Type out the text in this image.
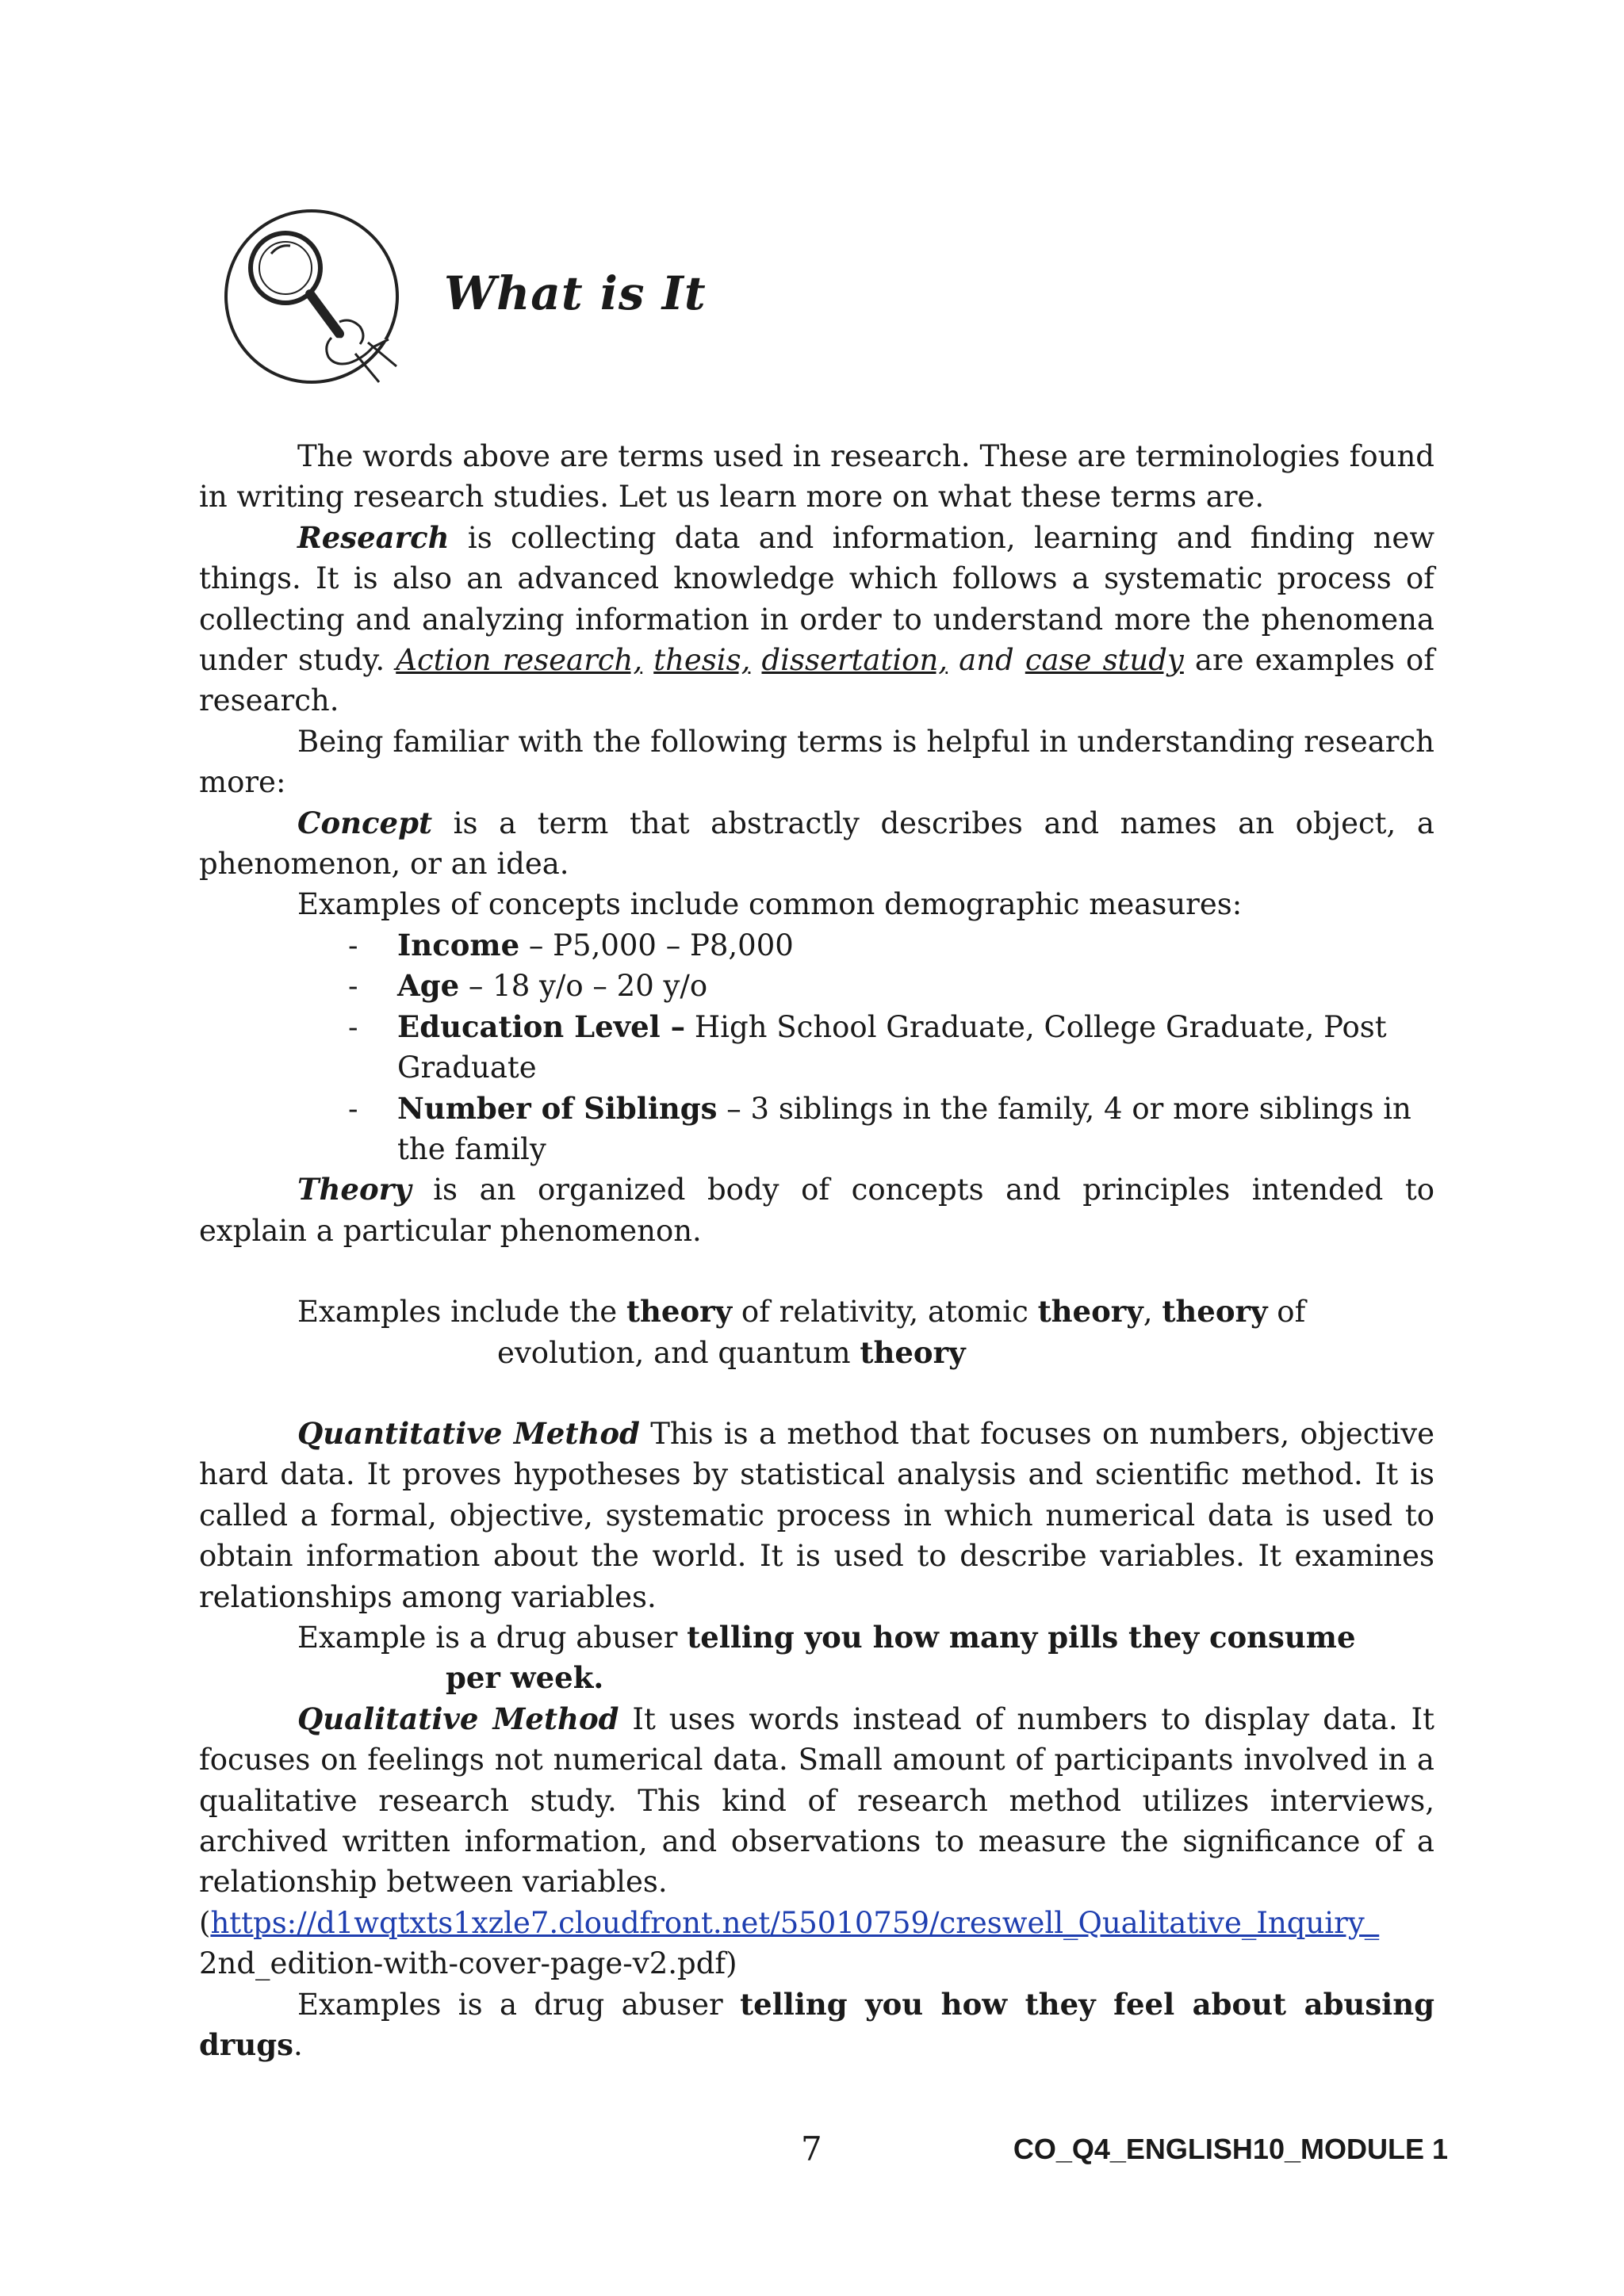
What is It

The words above are terms used in research. These are terminologies found in writing research studies. Let us learn more on what these terms are.

Research is collecting data and information, learning and finding new things. It is also an advanced knowledge which follows a systematic process of collecting and analyzing information in order to understand more the phenomena under study. Action research, thesis, dissertation, and case study are examples of research.

Being familiar with the following terms is helpful in understanding research more:

Concept is a term that abstractly describes and names an object, a phenomenon, or an idea.

Examples of concepts include common demographic measures:

- Income – P5,000 – P8,000
- Age – 18 y/o – 20 y/o
- Education Level – High School Graduate, College Graduate, Post Graduate
- Number of Siblings – 3 siblings in the family, 4 or more siblings in the family

Theory is an organized body of concepts and principles intended to     explain a particular phenomenon.

Examples include the theory of relativity, atomic theory, theory of

evolution, and quantum theory

Quantitative Method This is a method that focuses on numbers, objective hard data. It proves hypotheses by statistical analysis and scientific method. It is called a formal, objective, systematic process in which numerical data is used to obtain information about the world. It is used to describe variables. It examines relationships among variables.

Example is a drug abuser telling you how many pills they consume

per week.

Qualitative Method It uses words instead of numbers to display data. It focuses on feelings not numerical data. Small amount of participants involved in a qualitative research study. This kind of research method utilizes interviews, archived written information, and observations to measure the significance of a relationship between variables.

(https://d1wqtxts1xzle7.cloudfront.net/55010759/creswell_Qualitative_Inquiry_

2nd_edition-with-cover-page-v2.pdf)

Examples is a drug abuser telling you how they feel about abusing drugs.

7	CO_Q4_ENGLISH10_MODULE 1
